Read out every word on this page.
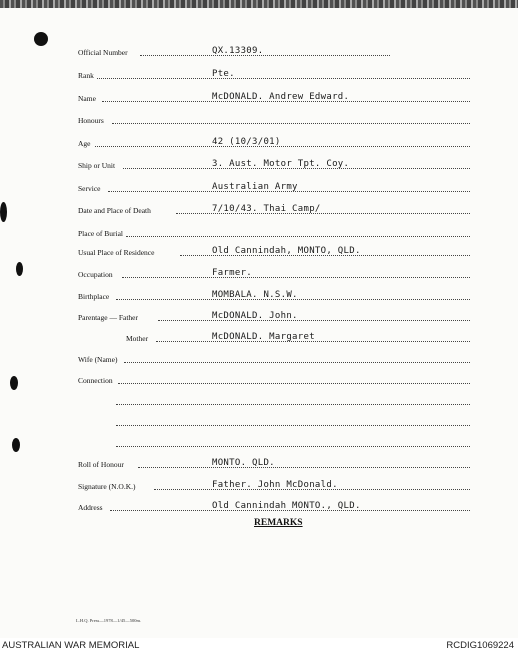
Official Number	QX.13309.
Rank	Pte.
Name	McDONALD. Andrew Edward.
Honours
Age	42 (10/3/01)
Ship or Unit	3. Aust. Motor Tpt. Coy.
Service	Australian Army
Date and Place of Death	7/10/43. Thai Camp/
Place of Burial
Usual Place of Residence	Old Cannindah, MONTO, QLD.
Occupation	Farmer.
Birthplace	MOMBALA. N.S.W.
Parentage — Father	McDONALD. John.
Mother	McDONALD. Margaret
Wife (Name)
Connection
Roll of Honour	MONTO. QLD.
Signature (N.O.K.)	Father. John McDonald.
Address	Old Cannindah MONTO., QLD.
REMARKS
L.H.Q. Press—1978—1/45—500m.
AUSTRALIAN WAR MEMORIAL	RCDIG1069224
